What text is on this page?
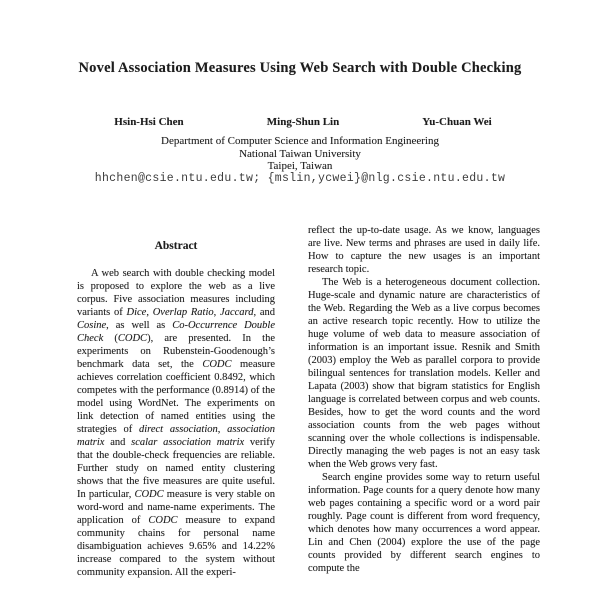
Novel Association Measures Using Web Search with Double Checking
Hsin-Hsi Chen	Ming-Shun Lin	Yu-Chuan Wei
Department of Computer Science and Information Engineering
National Taiwan University
Taipei, Taiwan
hhchen@csie.ntu.edu.tw; {mslin,ycwei}@nlg.csie.ntu.edu.tw
Abstract

A web search with double checking model is proposed to explore the web as a live corpus. Five association measures including variants of Dice, Overlap Ratio, Jaccard, and Cosine, as well as Co-Occurrence Double Check (CODC), are presented. In the experiments on Rubenstein-Goodenough’s benchmark data set, the CODC measure achieves correlation coefficient 0.8492, which competes with the performance (0.8914) of the model using WordNet. The experiments on link detection of named entities using the strategies of direct association, association matrix and scalar association matrix verify that the double-check frequencies are reliable. Further study on named entity clustering shows that the five measures are quite useful. In particular, CODC measure is very stable on word-word and name-name experiments. The application of CODC measure to expand community chains for personal name disambiguation achieves 9.65% and 14.22% increase compared to the system without community expansion. All the experi-

reflect the up-to-date usage. As we know, languages are live. New terms and phrases are used in daily life. How to capture the new usages is an important research topic.

The Web is a heterogeneous document collection. Huge-scale and dynamic nature are characteristics of the Web. Regarding the Web as a live corpus becomes an active research topic recently. How to utilize the huge volume of web data to measure association of information is an important issue. Resnik and Smith (2003) employ the Web as parallel corpora to provide bilingual sentences for translation models. Keller and Lapata (2003) show that bigram statistics for English language is correlated between corpus and web counts. Besides, how to get the word counts and the word association counts from the web pages without scanning over the whole collections is indispensable. Directly managing the web pages is not an easy task when the Web grows very fast.

Search engine provides some way to return useful information. Page counts for a query denote how many web pages containing a specific word or a word pair roughly. Page count is different from word frequency, which denotes how many occurrences a word appear. Lin and Chen (2004) explore the use of the page counts provided by different search engines to compute the
